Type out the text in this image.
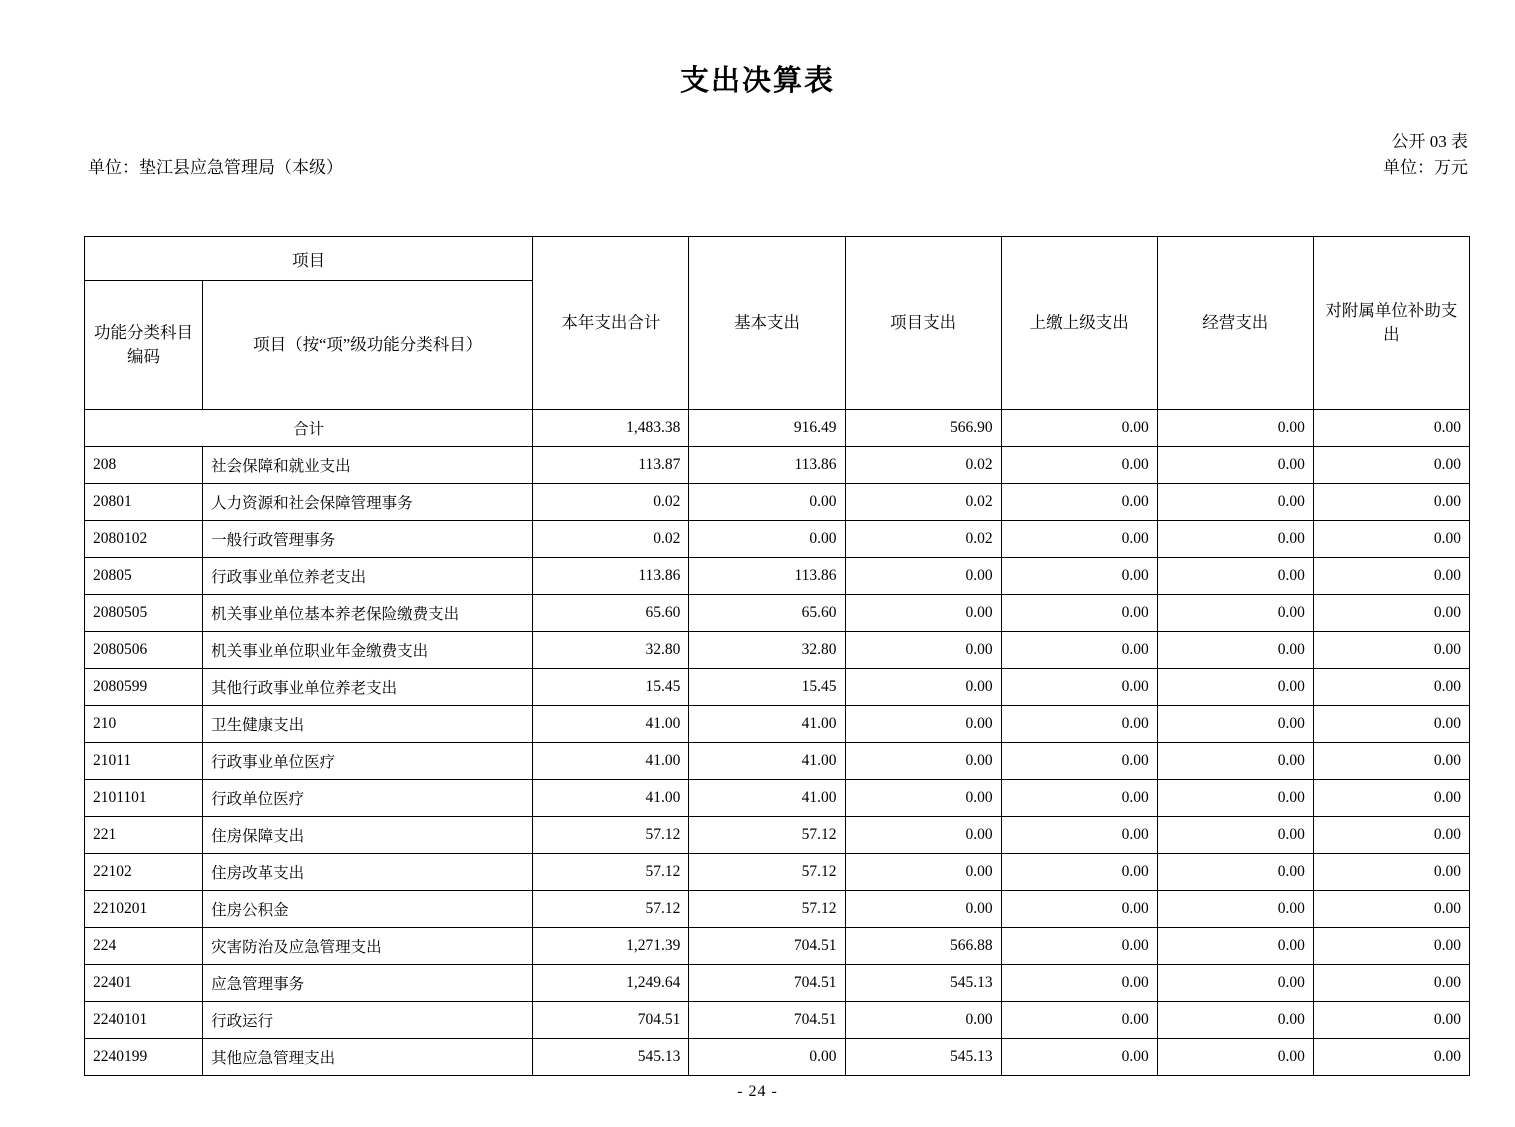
支出决算表
公开 03 表
单位：垫江县应急管理局（本级）	单位：万元
项目		本年支出合计	基本支出	项目支出	上缴上级支出	经营支出	对附属单位补助支出
功能分类科目编码	项目（按“项”级功能分类科目）						
合计		1,483.38	916.49	566.90	0.00	0.00	0.00
208	社会保障和就业支出	113.87	113.86	0.02	0.00	0.00	0.00
20801	人力资源和社会保障管理事务	0.02	0.00	0.02	0.00	0.00	0.00
2080102	一般行政管理事务	0.02	0.00	0.02	0.00	0.00	0.00
20805	行政事业单位养老支出	113.86	113.86	0.00	0.00	0.00	0.00
2080505	机关事业单位基本养老保险缴费支出	65.60	65.60	0.00	0.00	0.00	0.00
2080506	机关事业单位职业年金缴费支出	32.80	32.80	0.00	0.00	0.00	0.00
2080599	其他行政事业单位养老支出	15.45	15.45	0.00	0.00	0.00	0.00
210	卫生健康支出	41.00	41.00	0.00	0.00	0.00	0.00
21011	行政事业单位医疗	41.00	41.00	0.00	0.00	0.00	0.00
2101101	行政单位医疗	41.00	41.00	0.00	0.00	0.00	0.00
221	住房保障支出	57.12	57.12	0.00	0.00	0.00	0.00
22102	住房改革支出	57.12	57.12	0.00	0.00	0.00	0.00
2210201	住房公积金	57.12	57.12	0.00	0.00	0.00	0.00
224	灾害防治及应急管理支出	1,271.39	704.51	566.88	0.00	0.00	0.00
22401	应急管理事务	1,249.64	704.51	545.13	0.00	0.00	0.00
2240101	行政运行	704.51	704.51	0.00	0.00	0.00	0.00
2240199	其他应急管理支出	545.13	0.00	545.13	0.00	0.00	0.00
- 24 -
